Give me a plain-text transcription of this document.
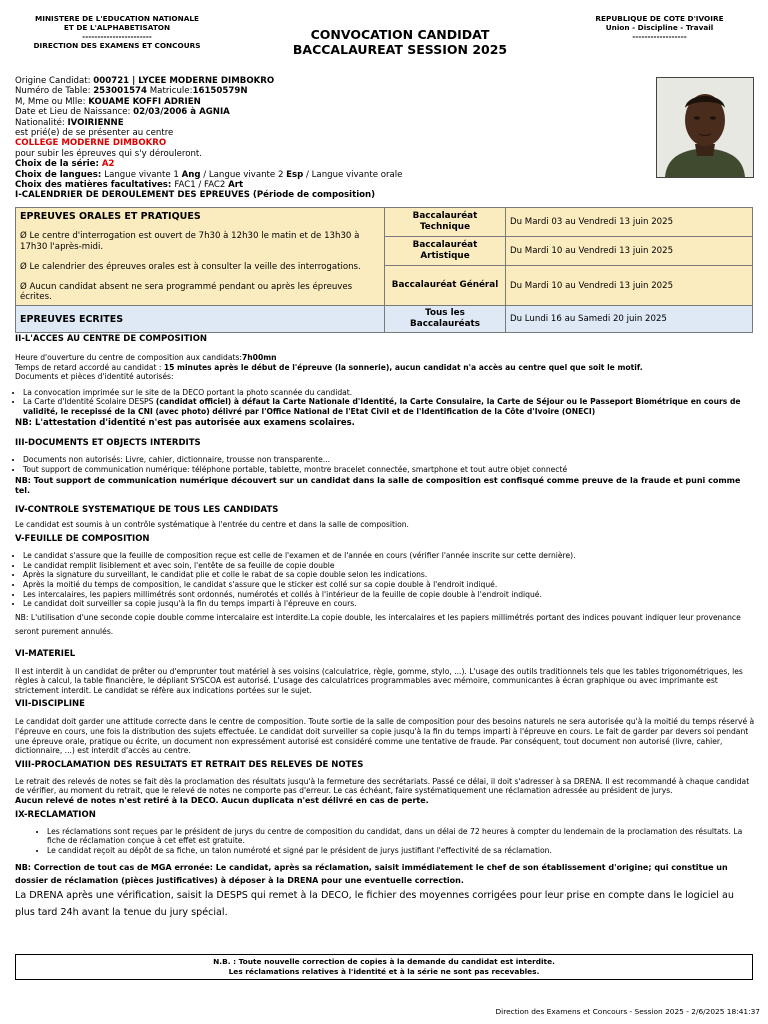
MINISTERE DE L'EDUCATION NATIONALE
ET DE L'ALPHABETISATON
-----------------------
DIRECTION DES EXAMENS ET CONCOURS
CONVOCATION CANDIDAT
BACCALAUREAT SESSION 2025
REPUBLIQUE DE COTE D'IVOIRE
Union - Discipline - Travail
------------------
Origine Candidat: 000721 | LYCEE MODERNE DIMBOKRO
Numéro de Table: 253001574 Matricule:16150579N
M, Mme ou Mlle: KOUAME KOFFI ADRIEN
Date et Lieu de Naissance: 02/03/2006 à AGNIA
Nationalité: IVOIRIENNE
est prié(e) de se présenter au centre
COLLEGE MODERNE DIMBOKRO
pour subir les épreuves qui s'y dérouleront.
Choix de la série: A2
Choix de langues: Langue vivante 1 Ang / Langue vivante 2 Esp / Langue vivante orale
Choix des matières facultatives: FAC1 / FAC2 Art
I-CALENDRIER DE DEROULEMENT DES EPREUVES (Période de composition)
EPREUVES ORALES ET PRATIQUES
Ø Le centre d'interrogation est ouvert de 7h30 à 12h30 le matin et de 13h30 à 17h30 l'après-midi.
Ø Le calendrier des épreuves orales est à consulter la veille des interrogations.
Ø Aucun candidat absent ne sera programmé pendant ou après les épreuves écrites.	Baccalauréat Technique	Du Mardi 03 au Vendredi 13 juin 2025
	Baccalauréat Artistique	Du Mardi 10 au Vendredi 13 juin 2025
	Baccalauréat Général	Du Mardi 10 au Vendredi 13 juin 2025
EPREUVES ECRITES	Tous les Baccalauréats	Du Lundi 16 au Samedi 20 juin 2025
II-L'ACCES AU CENTRE DE COMPOSITION

Heure d'ouverture du centre de composition aux candidats:7h00mn

Temps de retard accordé au candidat : 15 minutes après le début de l'épreuve (la sonnerie), aucun candidat n'a accès au centre quel que soit le motif.

Documents et pièces d'identité autorisés:

• La convocation imprimée sur le site de la DECO portant la photo scannée du candidat.
• La Carte d'Identité Scolaire DESPS (candidat officiel) à défaut la Carte Nationale d'Identité, la Carte Consulaire, la Carte de Séjour ou le Passeport Biométrique en cours de validité, le recepissé de la CNI (avec photo) délivré par l'Office National de l'Etat Civil et de l'Identification de la Côte d'Ivoire (ONECI)

NB: L'attestation d'identité n'est pas autorisée aux examens scolaires.

III-DOCUMENTS ET OBJECTS INTERDITS
• Documents non autorisés: Livre, cahier, dictionnaire, trousse non transparente...
• Tout support de communication numérique: téléphone portable, tablette, montre bracelet connectée, smartphone et tout autre objet connecté

NB: Tout support de communication numérique découvert sur un candidat dans la salle de composition est confisqué comme preuve de la fraude et puni comme tel.

IV-CONTROLE SYSTEMATIQUE DE TOUS LES CANDIDATS

Le candidat est soumis à un contrôle systématique à l'entrée du centre et dans la salle de composition.

V-FEUILLE DE COMPOSITION
• Le candidat s'assure que la feuille de composition reçue est celle de l'examen et de l'année en cours (vérifier l'année inscrite sur cette dernière).
• Le candidat remplit lisiblement et avec soin, l'entête de sa feuille de copie double
• Après la signature du surveillant, le candidat plie et colle le rabat de sa copie double selon les indications.
• Après la moitié du temps de composition, le candidat s'assure que le sticker est collé sur sa copie double à l'endroit indiqué.
• Les intercalaires, les papiers millimétrés sont ordonnés, numérotés et collés à l'intérieur de la feuille de copie double à l'endroit indiqué.
• Le candidat doit surveiller sa copie jusqu'à la fin du temps imparti à l'épreuve en cours.

NB: L'utilisation d'une seconde copie double comme intercalaire est interdite.La copie double, les intercalaires et les papiers millimétrés portant des indices pouvant indiquer leur provenance seront purement annulés.

VI-MATERIEL

Il est interdit à un candidat de prêter ou d'emprunter tout matériel à ses voisins (calculatrice, règle, gomme, stylo, ...). L'usage des outils traditionnels tels que les tables trigonométriques, les règles à calcul, la table financière, le dépliant SYSCOA est autorisé. L'usage des calculatrices programmables avec mémoire, communicantes à écran graphique ou avec imprimante est strictement interdit. Le candidat se réfère aux indications portées sur le sujet.

VII-DISCIPLINE

Le candidat doit garder une attitude correcte dans le centre de composition. Toute sortie de la salle de composition pour des besoins naturels ne sera autorisée qu'à la moitié du temps réservé à l'épreuve en cours, une fois la distribution des sujets effectuée. Le candidat doit surveiller sa copie jusqu'à la fin du temps imparti à l'épreuve en cours. Le fait de garder par devers soi pendant une épreuve orale, pratique ou écrite, un document non expressément autorisé est considéré comme une tentative de fraude. Par conséquent, tout document non autorisé (livre, cahier, dictionnaire, ...) est interdit d'accès au centre.

VIII-PROCLAMATION DES RESULTATS ET RETRAIT DES RELEVES DE NOTES

Le retrait des relevés de notes se fait dès la proclamation des résultats jusqu'à la fermeture des secrétariats. Passé ce délai, il doit s'adresser à sa DRENA. Il est recommandé à chaque candidat de vérifier, au moment du retrait, que le relevé de notes ne comporte pas d'erreur. Le cas échéant, faire systématiquement une réclamation adressée au président de jurys.

Aucun relevé de notes n'est retiré à la DECO. Aucun duplicata n'est délivré en cas de perte.

IX-RECLAMATION
• Les réclamations sont reçues par le président de jurys du centre de composition du candidat, dans un délai de 72 heures à compter du lendemain de la proclamation des résultats. La fiche de réclamation conçue à cet effet est gratuite.
• Le candidat reçoit au dépôt de sa fiche, un talon numéroté et signé par le président de jurys justifiant l'effectivité de sa réclamation.

NB: Correction de tout cas de MGA erronée: Le candidat, après sa réclamation, saisit immédiatement le chef de son établissement d'origine; qui constitue un dossier de réclamation (pièces justificatives) à déposer à la DRENA pour une eventuelle correction.

La DRENA après une vérification, saisit la DESPS qui remet à la DECO, le fichier des moyennes corrigées pour leur prise en compte dans le logiciel au plus tard 24h avant la tenue du jury spécial.

N.B. : Toute nouvelle correction de copies à la demande du candidat est interdite.
Les réclamations relatives à l'identité et à la série ne sont pas recevables.
Direction des Examens et Concours - Session 2025 - 2/6/2025 18:41:37
